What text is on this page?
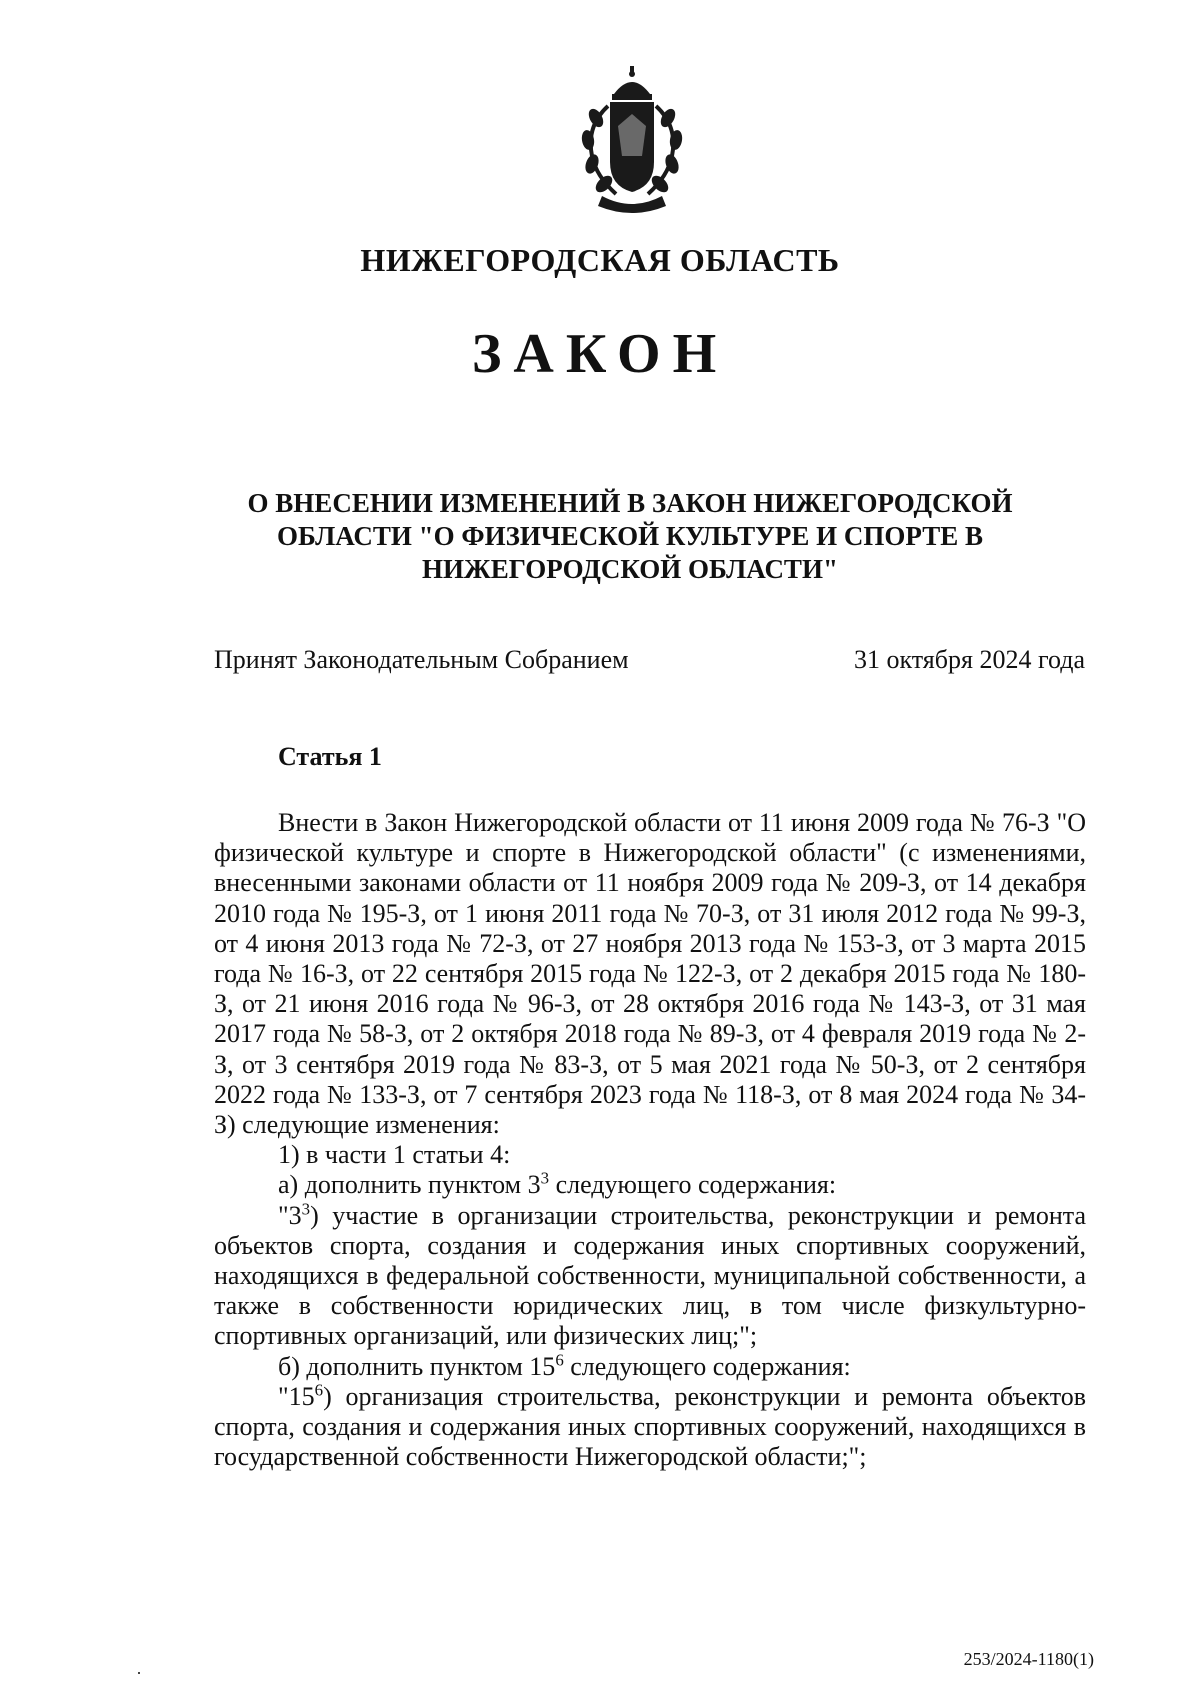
НИЖЕГОРОДСКАЯ ОБЛАСТЬ
ЗАКОН
О ВНЕСЕНИИ ИЗМЕНЕНИЙ В ЗАКОН НИЖЕГОРОДСКОЙ ОБЛАСТИ "О ФИЗИЧЕСКОЙ КУЛЬТУРЕ И СПОРТЕ В НИЖЕГОРОДСКОЙ ОБЛАСТИ"
Принят Законодательным Собранием	31 октября 2024 года
Статья 1

Внести в Закон Нижегородской области от 11 июня 2009 года № 76-З "О физической культуре и спорте в Нижегородской области" (с изменениями, внесенными законами области от 11 ноября 2009 года № 209-З, от 14 декабря 2010 года № 195-З, от 1 июня 2011 года № 70-З, от 31 июля 2012 года № 99-З, от 4 июня 2013 года № 72-З, от 27 ноября 2013 года № 153-З, от 3 марта 2015 года № 16-З, от 22 сентября 2015 года № 122-З, от 2 декабря 2015 года № 180-З, от 21 июня 2016 года № 96-З, от 28 октября 2016 года № 143-З, от 31 мая 2017 года № 58-З, от 2 октября 2018 года № 89-З, от 4 февраля 2019 года № 2-З, от 3 сентября 2019 года № 83-З, от 5 мая 2021 года № 50-З, от 2 сентября 2022 года № 133-З, от 7 сентября 2023 года № 118-З, от 8 мая 2024 года № 34-З) следующие изменения:

1) в части 1 статьи 4:

а) дополнить пунктом $3^3$ следующего содержания:

"$3^3$) участие в организации строительства, реконструкции и ремонта объектов спорта, создания и содержания иных спортивных сооружений, находящихся в федеральной собственности, муниципальной собственности, а также в собственности юридических лиц, в том числе физкультурно-спортивных организаций, или физических лиц;";

б) дополнить пунктом $15^6$ следующего содержания:

"$15^6$) организация строительства, реконструкции и ремонта объектов спорта, создания и содержания иных спортивных сооружений, находящихся в государственной собственности Нижегородской области;";

253/2024-1180(1)
